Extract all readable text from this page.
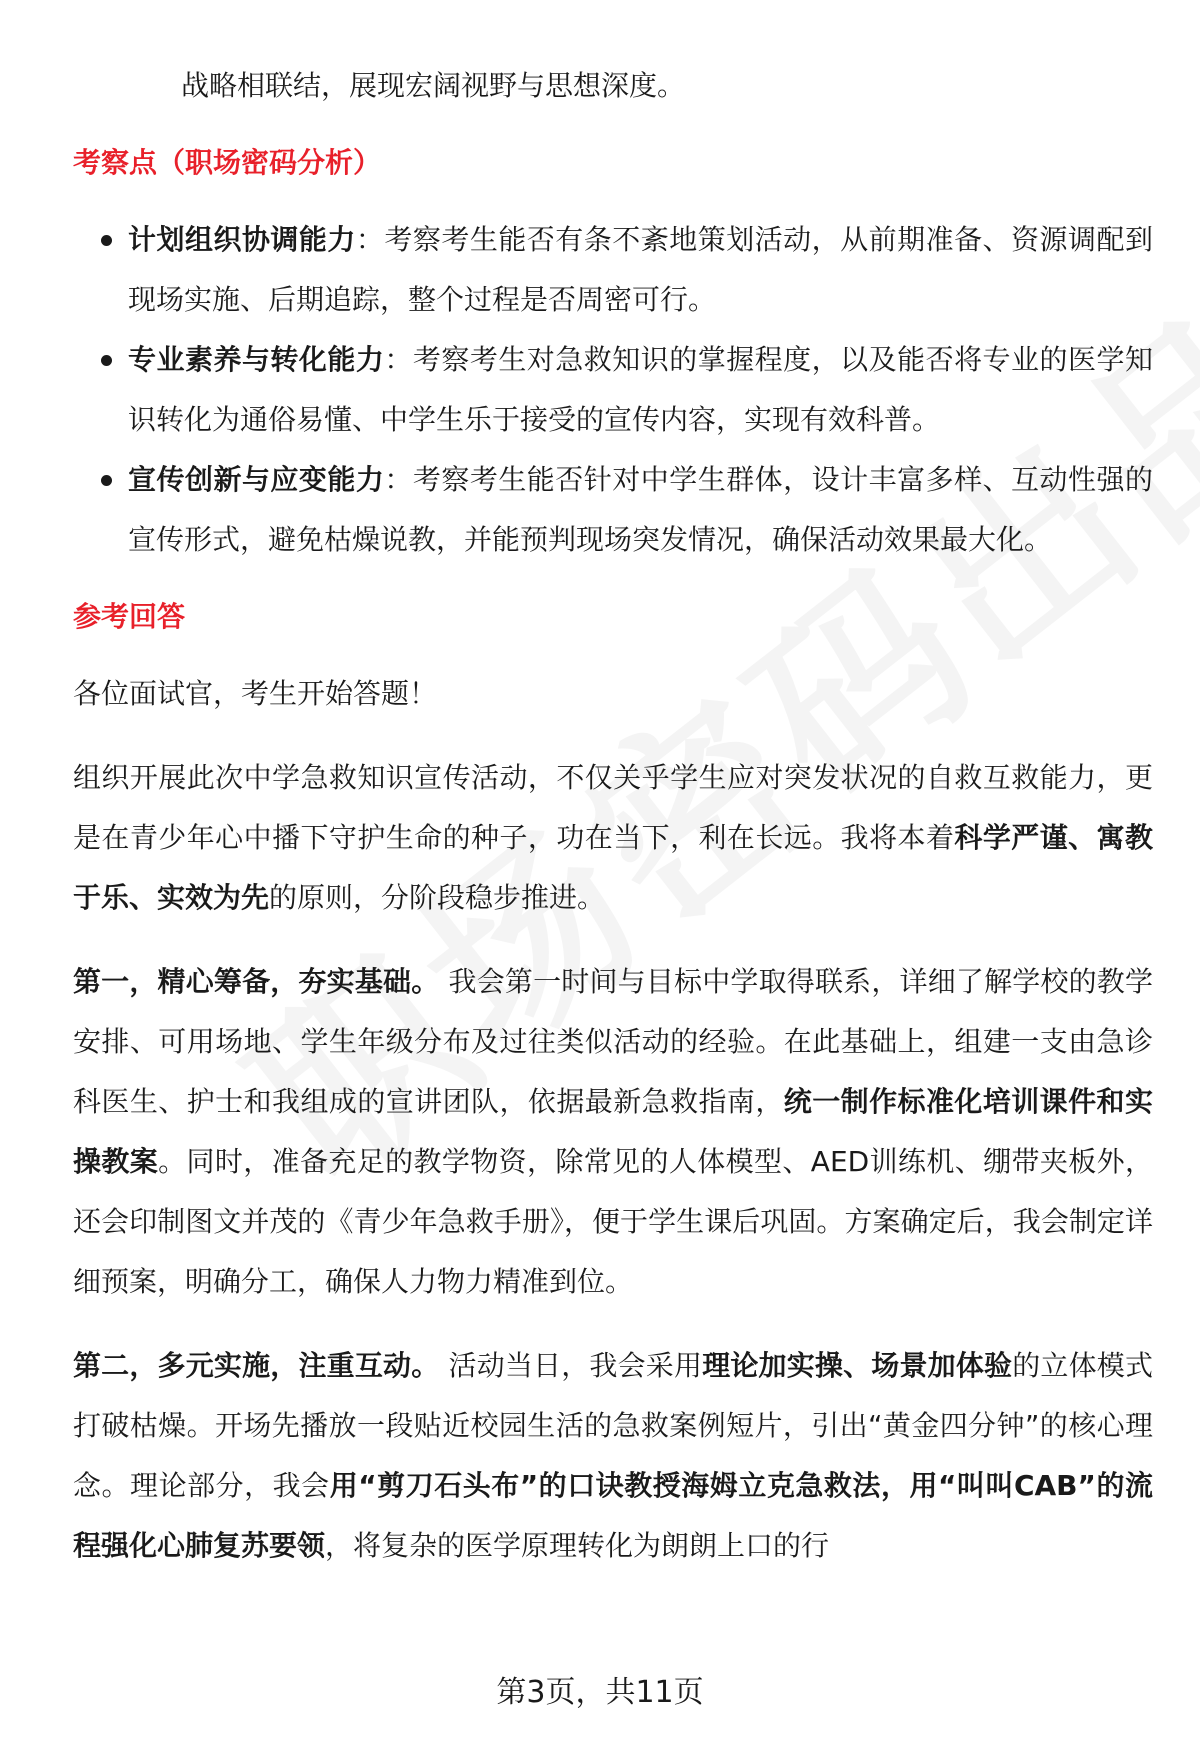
战略相联结，展现宏阔视野与思想深度。

考察点（职场密码分析）
计划组织协调能力：考察考生能否有条不紊地策划活动，从前期准备、资源调配到现场实施、后期追踪，整个过程是否周密可行。
专业素养与转化能力：考察考生对急救知识的掌握程度，以及能否将专业的医学知识转化为通俗易懂、中学生乐于接受的宣传内容，实现有效科普。
宣传创新与应变能力：考察考生能否针对中学生群体，设计丰富多样、互动性强的宣传形式，避免枯燥说教，并能预判现场突发情况，确保活动效果最大化。
参考回答

各位面试官，考生开始答题！

组织开展此次中学急救知识宣传活动，不仅关乎学生应对突发状况的自救互救能力，更是在青少年心中播下守护生命的种子，功在当下，利在长远。我将本着科学严谨、寓教于乐、实效为先的原则，分阶段稳步推进。

第一，精心筹备，夯实基础。 我会第一时间与目标中学取得联系，详细了解学校的教学安排、可用场地、学生年级分布及过往类似活动的经验。在此基础上，组建一支由急诊科医生、护士和我组成的宣讲团队，依据最新急救指南，统一制作标准化培训课件和实操教案。同时，准备充足的教学物资，除常见的人体模型、AED训练机、绷带夹板外，还会印制图文并茂的《青少年急救手册》，便于学生课后巩固。方案确定后，我会制定详细预案，明确分工，确保人力物力精准到位。

第二，多元实施，注重互动。 活动当日，我会采用理论加实操、场景加体验的立体模式打破枯燥。开场先播放一段贴近校园生活的急救案例短片，引出“黄金四分钟”的核心理念。理论部分，我会用“剪刀石头布”的口诀教授海姆立克急救法，用“叫叫CAB”的流程强化心肺复苏要领，将复杂的医学原理转化为朗朗上口的行

第3页，共11页
